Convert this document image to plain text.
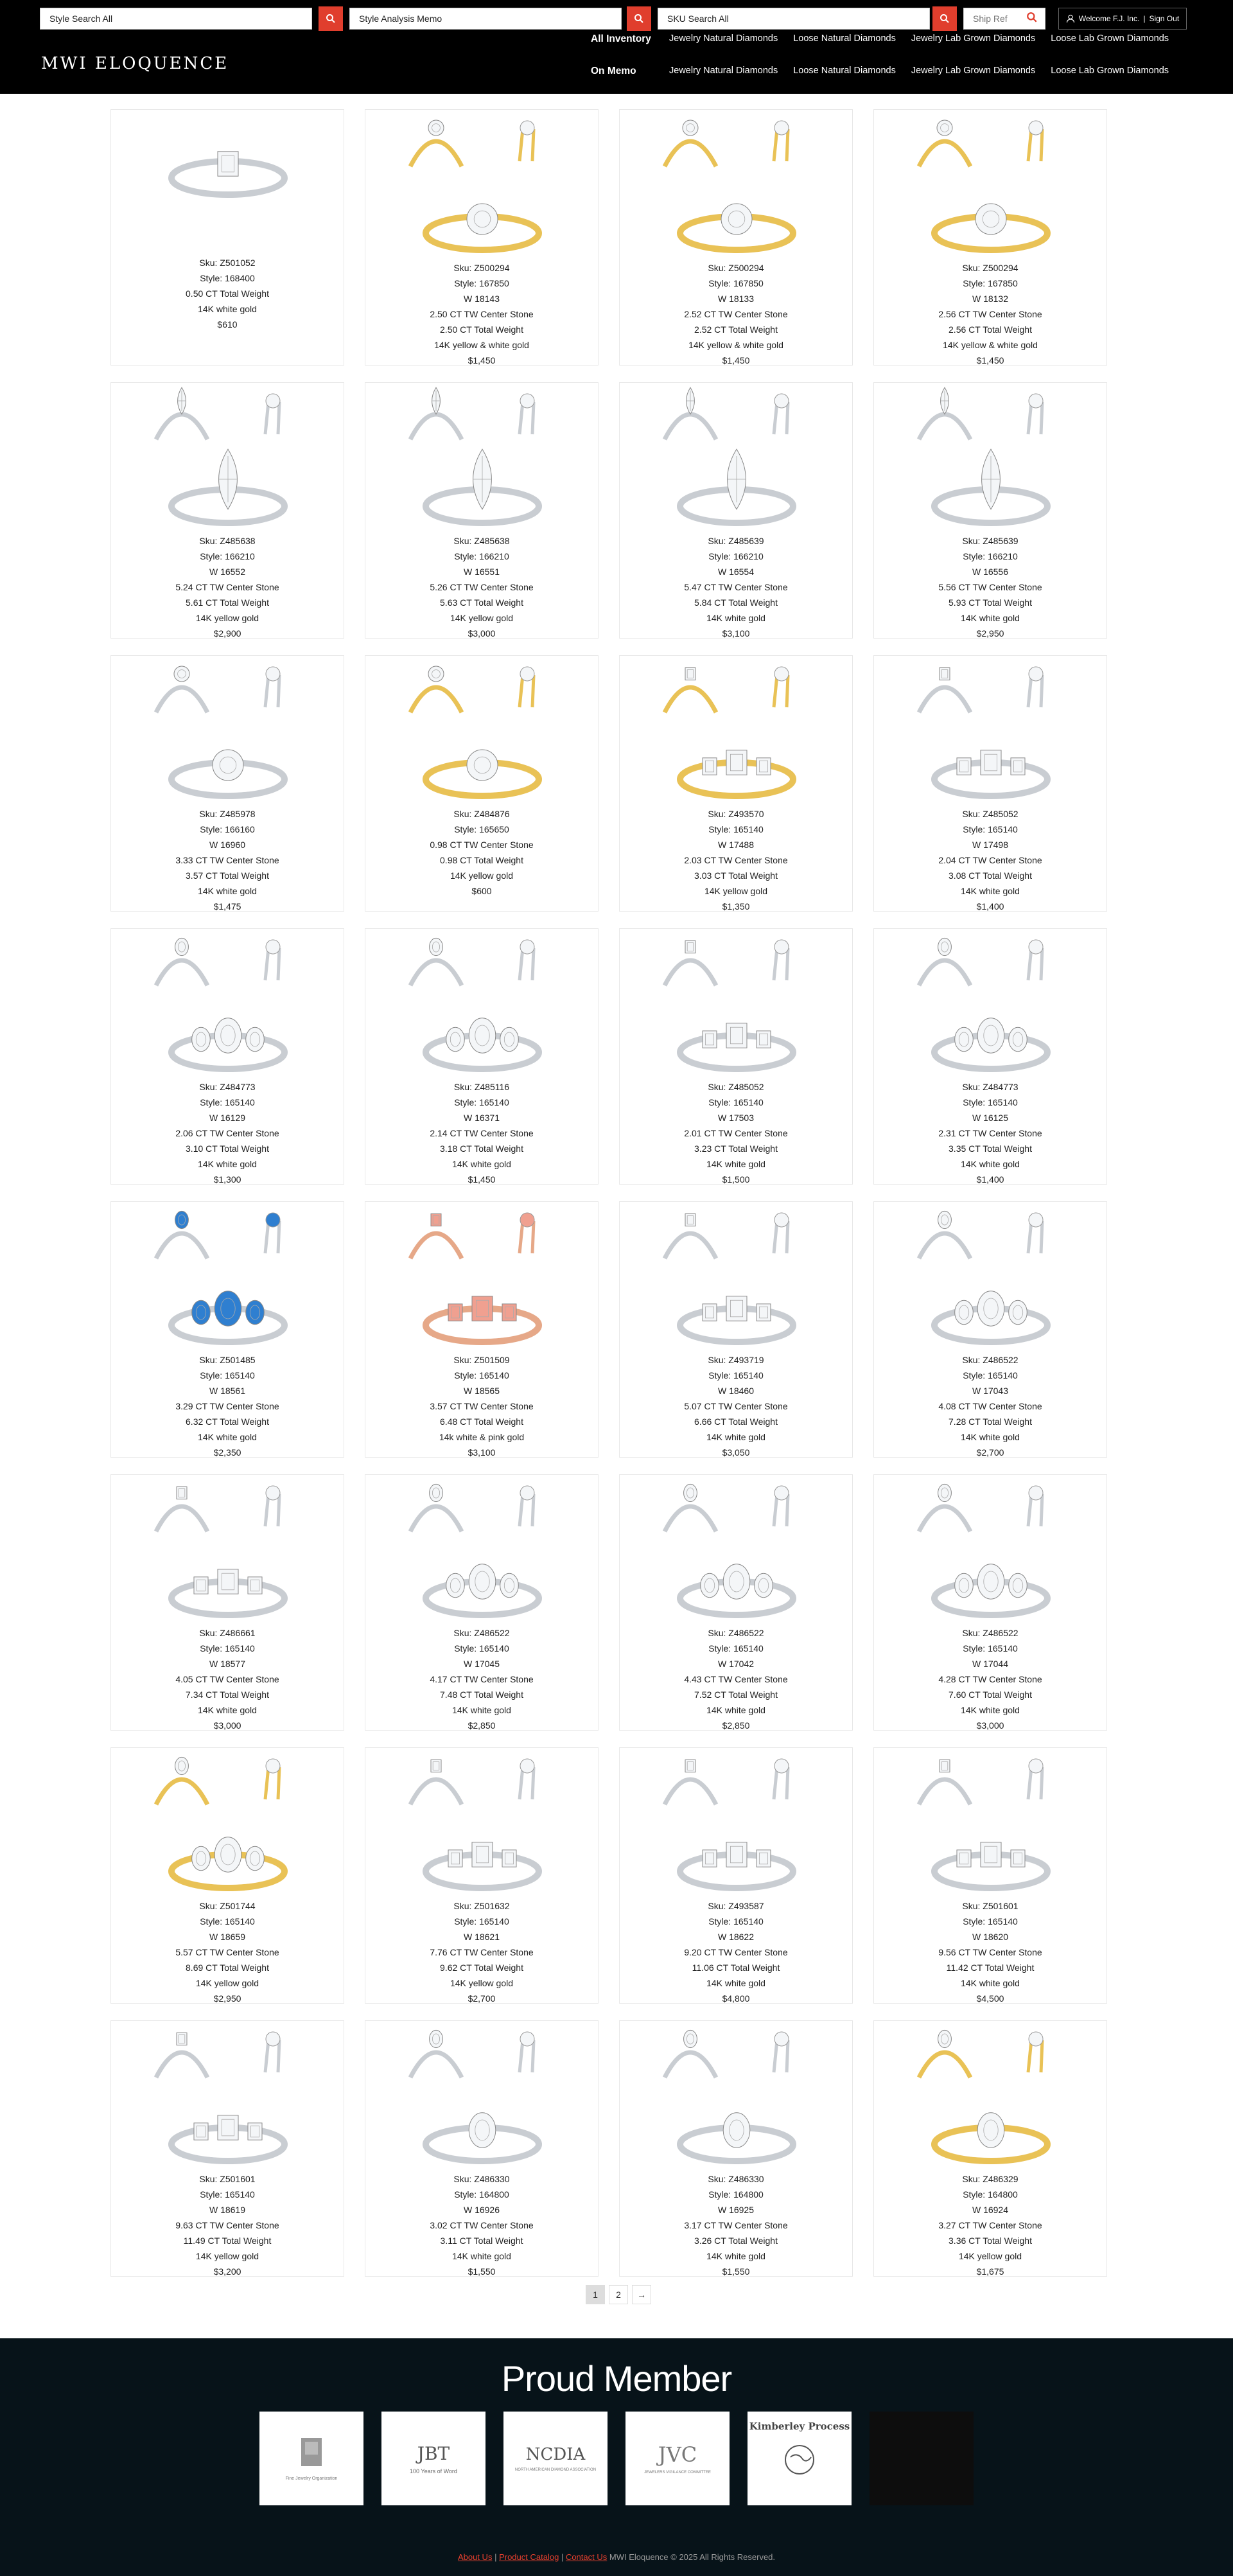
Style Search All
Style Analysis Memo
SKU Search All
Ship Ref
Welcome F.J. Inc. | Sign Out
MWI ELOQUENCE
All Inventory Jewelry Natural Diamonds Loose Natural Diamonds Jewelry Lab Grown Diamonds Loose Lab Grown Diamonds
On Memo	Jewelry Natural Diamonds Loose Natural Diamonds Jewelry Lab Grown Diamonds Loose Lab Grown Diamonds
Sku: Z501052
Style: 168400
0.50 CT Total Weight
14K white gold
$610
Sku: Z500294
Style: 167850
W 18143
2.50 CT TW Center Stone
2.50 CT Total Weight
14K yellow & white gold
$1,450
Sku: Z500294
Style: 167850
W 18133
2.52 CT TW Center Stone
2.52 CT Total Weight
14K yellow & white gold
$1,450
Sku: Z500294
Style: 167850
W 18132
2.56 CT TW Center Stone
2.56 CT Total Weight
14K yellow & white gold
$1,450
Sku: Z485638
Style: 166210
W 16552
5.24 CT TW Center Stone
5.61 CT Total Weight
14K yellow gold
$2,900
Sku: Z485638
Style: 166210
W 16551
5.26 CT TW Center Stone
5.63 CT Total Weight
14K yellow gold
$3,000
Sku: Z485639
Style: 166210
W 16554
5.47 CT TW Center Stone
5.84 CT Total Weight
14K white gold
$3,100
Sku: Z485639
Style: 166210
W 16556
5.56 CT TW Center Stone
5.93 CT Total Weight
14K white gold
$2,950
Sku: Z485978
Style: 166160
W 16960
3.33 CT TW Center Stone
3.57 CT Total Weight
14K white gold
$1,475
Sku: Z484876
Style: 165650
0.98 CT TW Center Stone
0.98 CT Total Weight
14K yellow gold
$600
Sku: Z493570
Style: 165140
W 17488
2.03 CT TW Center Stone
3.03 CT Total Weight
14K yellow gold
$1,350
Sku: Z485052
Style: 165140
W 17498
2.04 CT TW Center Stone
3.08 CT Total Weight
14K white gold
$1,400
Sku: Z484773
Style: 165140
W 16129
2.06 CT TW Center Stone
3.10 CT Total Weight
14K white gold
$1,300
Sku: Z485116
Style: 165140
W 16371
2.14 CT TW Center Stone
3.18 CT Total Weight
14K white gold
$1,450
Sku: Z485052
Style: 165140
W 17503
2.01 CT TW Center Stone
3.23 CT Total Weight
14K white gold
$1,500
Sku: Z484773
Style: 165140
W 16125
2.31 CT TW Center Stone
3.35 CT Total Weight
14K white gold
$1,400
Sku: Z501485
Style: 165140
W 18561
3.29 CT TW Center Stone
6.32 CT Total Weight
14K white gold
$2,350
Sku: Z501509
Style: 165140
W 18565
3.57 CT TW Center Stone
6.48 CT Total Weight
14k white & pink gold
$3,100
Sku: Z493719
Style: 165140
W 18460
5.07 CT TW Center Stone
6.66 CT Total Weight
14K white gold
$3,050
Sku: Z486522
Style: 165140
W 17043
4.08 CT TW Center Stone
7.28 CT Total Weight
14K white gold
$2,700
Sku: Z486661
Style: 165140
W 18577
4.05 CT TW Center Stone
7.34 CT Total Weight
14K white gold
$3,000
Sku: Z486522
Style: 165140
W 17045
4.17 CT TW Center Stone
7.48 CT Total Weight
14K white gold
$2,850
Sku: Z486522
Style: 165140
W 17042
4.43 CT TW Center Stone
7.52 CT Total Weight
14K white gold
$2,850
Sku: Z486522
Style: 165140
W 17044
4.28 CT TW Center Stone
7.60 CT Total Weight
14K white gold
$3,000
Sku: Z501744
Style: 165140
W 18659
5.57 CT TW Center Stone
8.69 CT Total Weight
14K yellow gold
$2,950
Sku: Z501632
Style: 165140
W 18621
7.76 CT TW Center Stone
9.62 CT Total Weight
14K yellow gold
$2,700
Sku: Z493587
Style: 165140
W 18622
9.20 CT TW Center Stone
11.06 CT Total Weight
14K white gold
$4,800
Sku: Z501601
Style: 165140
W 18620
9.56 CT TW Center Stone
11.42 CT Total Weight
14K white gold
$4,500
Sku: Z501601
Style: 165140
W 18619
9.63 CT TW Center Stone
11.49 CT Total Weight
14K yellow gold
$3,200
Sku: Z486330
Style: 164800
W 16926
3.02 CT TW Center Stone
3.11 CT Total Weight
14K white gold
$1,550
Sku: Z486330
Style: 164800
W 16925
3.17 CT TW Center Stone
3.26 CT Total Weight
14K white gold
$1,550
Sku: Z486329
Style: 164800
W 16924
3.27 CT TW Center Stone
3.36 CT Total Weight
14K yellow gold
$1,675
1	2	→
Proud Member
Fine Jewelry Organization
JBT
100 Years of Word
NCDIA
NORTH AMERICAN DIAMOND ASSOCIATION
JVC
JEWELERS VIGILANCE COMMITTEE
Kimberley Process
About Us | Product Catalog | Contact Us MWI Eloquence © 2025 All Rights Reserved.
